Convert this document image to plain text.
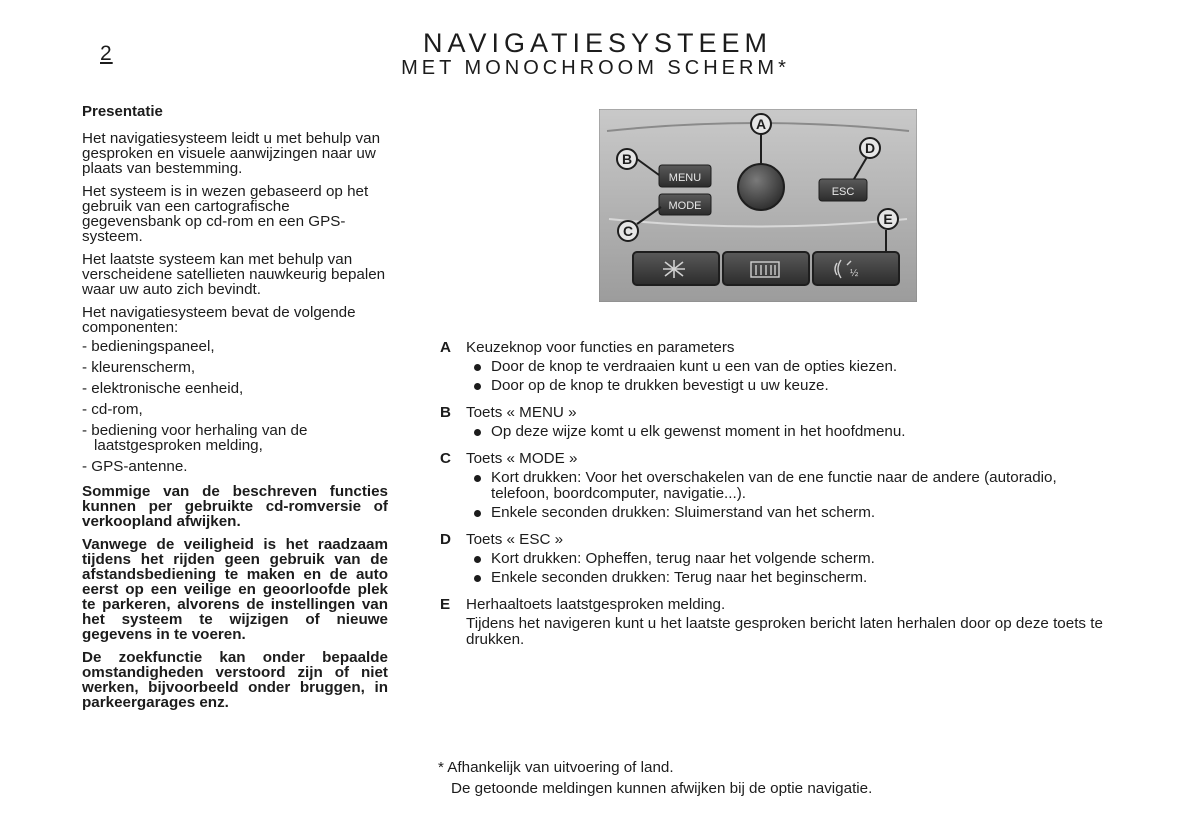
2	NAVIGATIESYSTEEM
MET MONOCHROOM SCHERM*
Presentatie

Het navigatiesysteem leidt u met behulp van gesproken en visuele aanwijzingen naar uw plaats van bestemming.

Het systeem is in wezen gebaseerd op het gebruik van een cartografische gegevensbank op cd-rom en een GPS-systeem.

Het laatste systeem kan met behulp van verscheidene satellieten nauwkeurig bepalen waar uw auto zich bevindt.

Het navigatiesysteem bevat de volgende componenten:

- bedieningspaneel,
- kleurenscherm,
- elektronische eenheid,
- cd-rom,
- bediening voor herhaling van de laatstgesproken melding,
- GPS-antenne.

Sommige van de beschreven functies kunnen per gebruikte cd-romversie of verkoopland afwijken.

Vanwege de veiligheid is het raadzaam tijdens het rijden geen gebruik van de afstandsbediening te maken en de auto eerst op een veilige en geoorloofde plek te parkeren, alvorens de instellingen van het systeem te wijzigen of nieuwe gegevens in te voeren.

De zoekfunctie kan onder bepaalde omstandigheden verstoord zijn of niet werken, bijvoorbeeld onder bruggen, in parkeergarages enz.

MENU
MODE
ESC
½
A
B
C
D
E
A Keuzeknop voor functies en parameters
Door de knop te verdraaien kunt u een van de opties kiezen.
Door op de knop te drukken bevestigt u uw keuze.
B Toets « MENU »
Op deze wijze komt u elk gewenst moment in het hoofdmenu.
C Toets « MODE »
Kort drukken: Voor het overschakelen van de ene functie naar de andere (autoradio, telefoon, boordcomputer, navigatie...).
Enkele seconden drukken: Sluimerstand van het scherm.
D Toets « ESC »
Kort drukken: Opheffen, terug naar het volgende scherm.
Enkele seconden drukken: Terug naar het beginscherm.
E Herhaaltoets laatstgesproken melding.
Tijdens het navigeren kunt u het laatste gesproken bericht laten herhalen door op deze toets te drukken.
* Afhankelijk van uitvoering of land.
De getoonde meldingen kunnen afwijken bij de optie navigatie.
